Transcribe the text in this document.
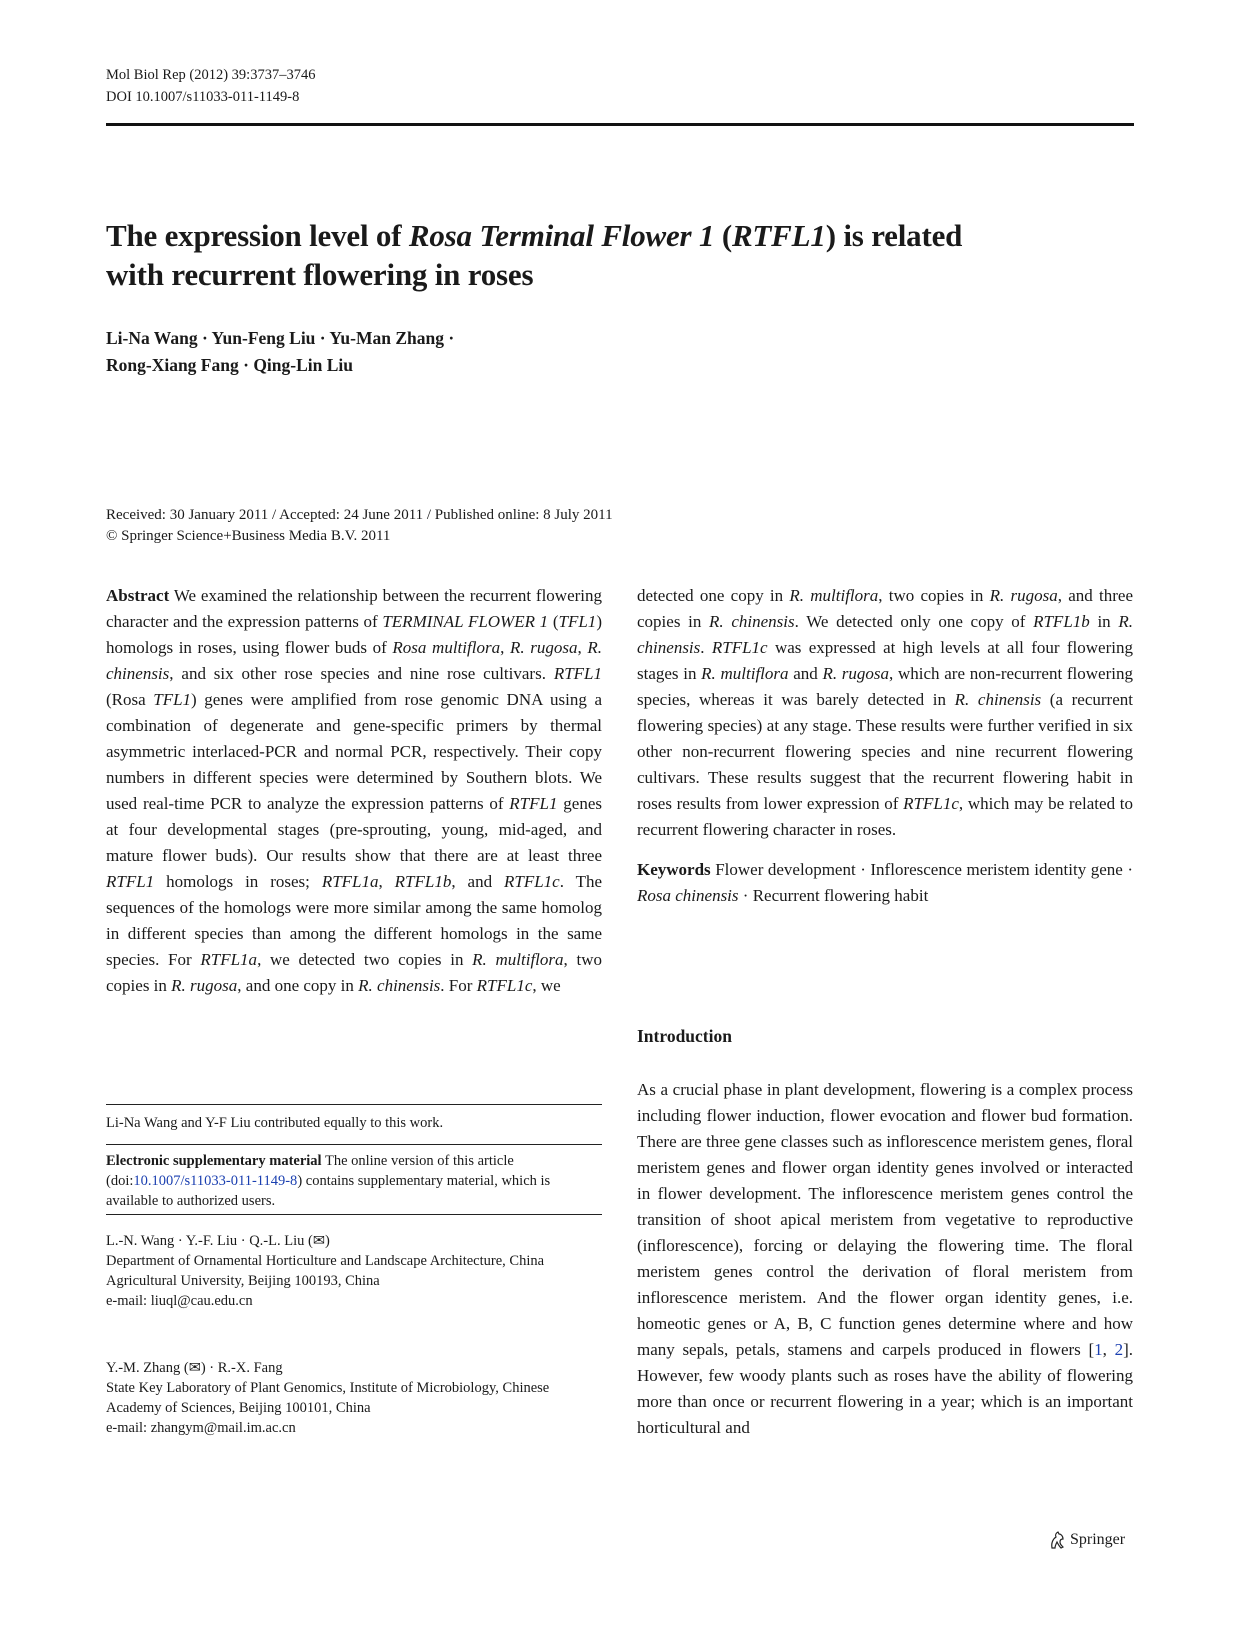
Mol Biol Rep (2012) 39:3737–3746
DOI 10.1007/s11033-011-1149-8
The expression level of Rosa Terminal Flower 1 (RTFL1) is related
with recurrent flowering in roses
Li-Na Wang · Yun-Feng Liu · Yu-Man Zhang ·
Rong-Xiang Fang · Qing-Lin Liu
Received: 30 January 2011 / Accepted: 24 June 2011 / Published online: 8 July 2011
© Springer Science+Business Media B.V. 2011

Abstract We examined the relationship between the recurrent flowering character and the expression patterns of TERMINAL FLOWER 1 (TFL1) homologs in roses, using flower buds of Rosa multiflora, R. rugosa, R. chinensis, and six other rose species and nine rose cultivars. RTFL1 (Rosa TFL1) genes were amplified from rose genomic DNA using a combination of degenerate and gene-specific primers by thermal asymmetric interlaced-PCR and normal PCR, respectively. Their copy numbers in different species were determined by Southern blots. We used real-time PCR to analyze the expression patterns of RTFL1 genes at four developmental stages (pre-sprouting, young, mid-aged, and mature flower buds). Our results show that there are at least three RTFL1 homologs in roses; RTFL1a, RTFL1b, and RTFL1c. The sequences of the homologs were more similar among the same homolog in different species than among the different homologs in the same species. For RTFL1a, we detected two copies in R. multiflora, two copies in R. rugosa, and one copy in R. chinensis. For RTFL1c, we

Li-Na Wang and Y-F Liu contributed equally to this work.

Electronic supplementary material The online version of this article (doi:10.1007/s11033-011-1149-8) contains supplementary material, which is available to authorized users.

L.-N. Wang · Y.-F. Liu · Q.-L. Liu (✉)

Department of Ornamental Horticulture and Landscape Architecture, China Agricultural University, Beijing 100193, China

e-mail: liuql@cau.edu.cn

Y.-M. Zhang (✉) · R.-X. Fang

State Key Laboratory of Plant Genomics, Institute of Microbiology, Chinese Academy of Sciences, Beijing 100101, China

e-mail: zhangym@mail.im.ac.cn

detected one copy in R. multiflora, two copies in R. rugosa, and three copies in R. chinensis. We detected only one copy of RTFL1b in R. chinensis. RTFL1c was expressed at high levels at all four flowering stages in R. multiflora and R. rugosa, which are non-recurrent flowering species, whereas it was barely detected in R. chinensis (a recurrent flowering species) at any stage. These results were further verified in six other non-recurrent flowering species and nine recurrent flowering cultivars. These results suggest that the recurrent flowering habit in roses results from lower expression of RTFL1c, which may be related to recurrent flowering character in roses.

Keywords Flower development · Inflorescence meristem identity gene · Rosa chinensis · Recurrent flowering habit

Introduction

As a crucial phase in plant development, flowering is a complex process including flower induction, flower evocation and flower bud formation. There are three gene classes such as inflorescence meristem genes, floral meristem genes and flower organ identity genes involved or interacted in flower development. The inflorescence meristem genes control the transition of shoot apical meristem from vegetative to reproductive (inflorescence), forcing or delaying the flowering time. The floral meristem genes control the derivation of floral meristem from inflorescence meristem. And the flower organ identity genes, i.e. homeotic genes or A, B, C function genes determine where and how many sepals, petals, stamens and carpels produced in flowers [1, 2]. However, few woody plants such as roses have the ability of flowering more than once or recurrent flowering in a year; which is an important horticultural and

Springer
